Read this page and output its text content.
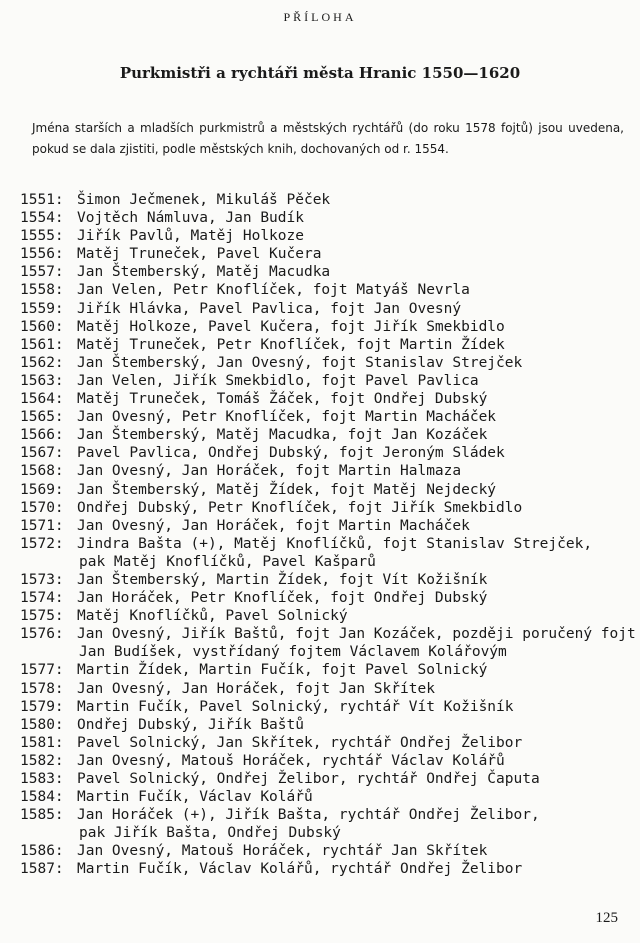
PŘÍLOHA
Purkmistři a rychtáři města Hranic 1550—1620
Jména starších a mladších purkmistrů a městských rychtářů (do roku 1578 fojtů) jsou uvedena, pokud se dala zjistiti, podle městských knih, dochovaných od r. 1554.
1551: Šimon Ječmenek, Mikuláš Pěček
1554: Vojtěch Námluva, Jan Budík
1555: Jiřík Pavlů, Matěj Holkoze
1556: Matěj Truneček, Pavel Kučera
1557: Jan Štemberský, Matěj Macudka
1558: Jan Velen, Petr Knoflíček, fojt Matyáš Nevrla
1559: Jiřík Hlávka, Pavel Pavlica, fojt Jan Ovesný
1560: Matěj Holkoze, Pavel Kučera, fojt Jiřík Smekbidlo
1561: Matěj Truneček, Petr Knoflíček, fojt Martin Žídek
1562: Jan Štemberský, Jan Ovesný, fojt Stanislav Strejček
1563: Jan Velen, Jiřík Smekbidlo, fojt Pavel Pavlica
1564: Matěj Truneček, Tomáš Žáček, fojt Ondřej Dubský
1565: Jan Ovesný, Petr Knoflíček, fojt Martin Macháček
1566: Jan Štemberský, Matěj Macudka, fojt Jan Kozáček
1567: Pavel Pavlica, Ondřej Dubský, fojt Jeroným Sládek
1568: Jan Ovesný, Jan Horáček, fojt Martin Halmaza
1569: Jan Štemberský, Matěj Žídek, fojt Matěj Nejdecký
1570: Ondřej Dubský, Petr Knoflíček, fojt Jiřík Smekbidlo
1571: Jan Ovesný, Jan Horáček, fojt Martin Macháček
1572: Jindra Bašta (+), Matěj Knoflíčků, fojt Stanislav Strejček,
pak Matěj Knoflíčků, Pavel Kašparů
1573: Jan Štemberský, Martin Žídek, fojt Vít Kožišník
1574: Jan Horáček, Petr Knoflíček, fojt Ondřej Dubský
1575: Matěj Knoflíčků, Pavel Solnický
1576: Jan Ovesný, Jiřík Baštů, fojt Jan Kozáček, později poručený fojt
Jan Budíšek, vystřídaný fojtem Václavem Kolářovým
1577: Martin Žídek, Martin Fučík, fojt Pavel Solnický
1578: Jan Ovesný, Jan Horáček, fojt Jan Skřítek
1579: Martin Fučík, Pavel Solnický, rychtář Vít Kožišník
1580: Ondřej Dubský, Jiřík Baštů
1581: Pavel Solnický, Jan Skřítek, rychtář Ondřej Želibor
1582: Jan Ovesný, Matouš Horáček, rychtář Václav Kolářů
1583: Pavel Solnický, Ondřej Želibor, rychtář Ondřej Čaputa
1584: Martin Fučík, Václav Kolářů
1585: Jan Horáček (+), Jiřík Bašta, rychtář Ondřej Želibor,
pak Jiřík Bašta, Ondřej Dubský
1586: Jan Ovesný, Matouš Horáček, rychtář Jan Skřítek
1587: Martin Fučík, Václav Kolářů, rychtář Ondřej Želibor
125
